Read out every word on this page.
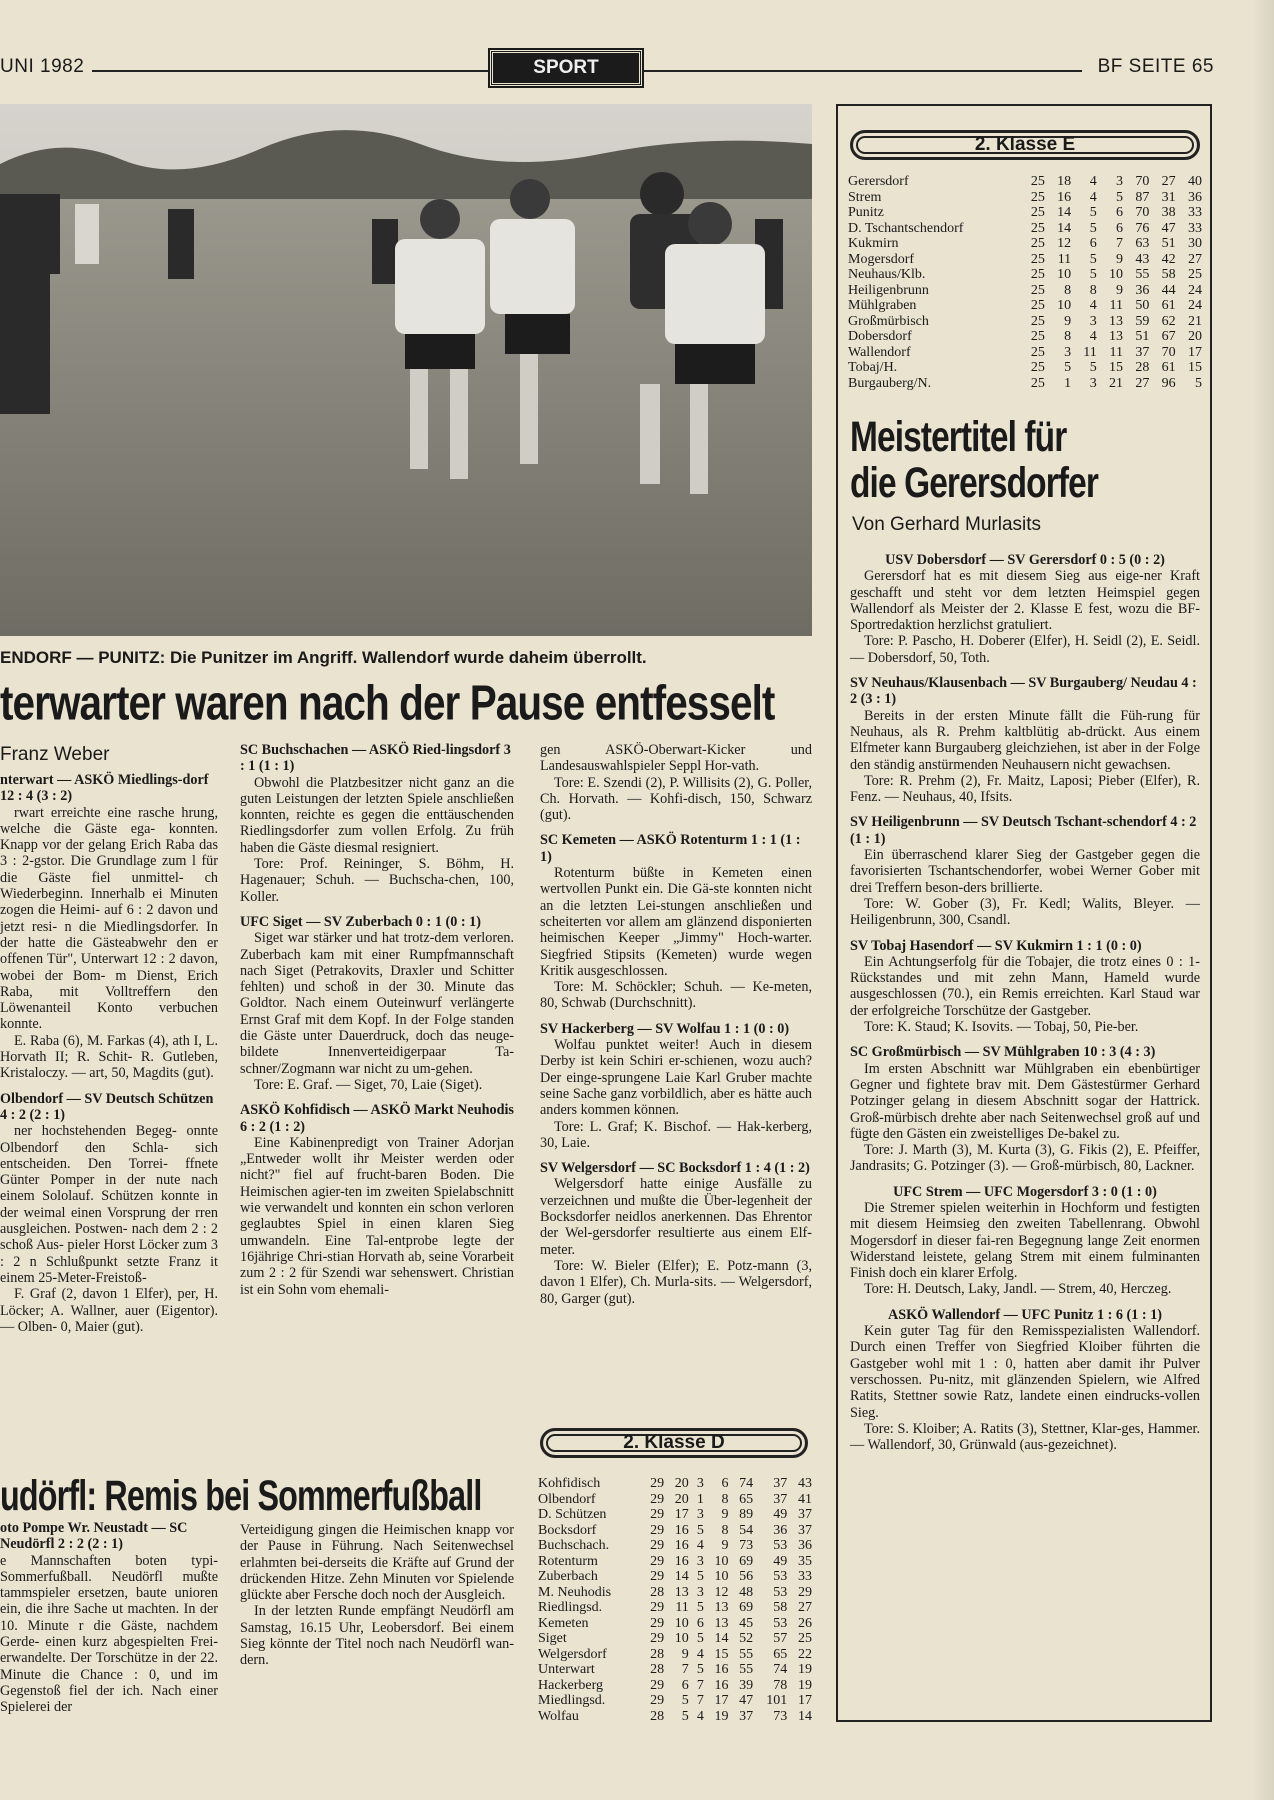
UNI 1982	SPORT	BF SEITE 65
ENDORF — PUNITZ: Die Punitzer im Angriff. Wallendorf wurde daheim überrollt.
terwarter waren nach der Pause entfesselt
Franz Weber

nterwart — ASKÖ Miedlings-dorf 12 : 4 (3 : 2)

rwart erreichte eine rasche hrung, welche die Gäste ega- konnten. Knapp vor der gelang Erich Raba das 3 : 2-gstor. Die Grundlage zum l für die Gäste fiel unmittel- ch Wiederbeginn. Innerhalb ei Minuten zogen die Heimi- auf 6 : 2 davon und jetzt resi- n die Miedlingsdorfer. In der hatte die Gästeabwehr den er offenen Tür", Unterwart 12 : 2 davon, wobei der Bom- m Dienst, Erich Raba, mit Volltreffern den Löwenanteil Konto verbuchen konnte.

E. Raba (6), M. Farkas (4), ath I, L. Horvath II; R. Schit- R. Gutleben, Kristaloczy. — art, 50, Magdits (gut).

Olbendorf — SV Deutsch Schützen 4 : 2 (2 : 1)

ner hochstehenden Begeg- onnte Olbendorf den Schla- sich entscheiden. Den Torrei- ffnete Günter Pomper in der nute nach einem Sololauf. Schützen konnte in der weimal einen Vorsprung der rren ausgleichen. Postwen- nach dem 2 : 2 schoß Aus- pieler Horst Löcker zum 3 : 2 n Schlußpunkt setzte Franz it einem 25-Meter-Freistoß-

F. Graf (2, davon 1 Elfer), per, H. Löcker; A. Wallner, auer (Eigentor). — Olben- 0, Maier (gut).

SC Buchschachen — ASKÖ Ried-lingsdorf 3 : 1 (1 : 1)

Obwohl die Platzbesitzer nicht ganz an die guten Leistungen der letzten Spiele anschließen konnten, reichte es gegen die enttäuschenden Riedlingsdorfer zum vollen Erfolg. Zu früh haben die Gäste diesmal resigniert.

Tore: Prof. Reininger, S. Böhm, H. Hagenauer; Schuh. — Buchscha-chen, 100, Koller.

UFC Siget — SV Zuberbach 0 : 1 (0 : 1)

Siget war stärker und hat trotz-dem verloren. Zuberbach kam mit einer Rumpfmannschaft nach Siget (Petrakovits, Draxler und Schitter fehlten) und schoß in der 30. Minute das Goldtor. Nach einem Outeinwurf verlängerte Ernst Graf mit dem Kopf. In der Folge standen die Gäste unter Dauerdruck, doch das neuge-bildete Innenverteidigerpaar Ta-schner/Zogmann war nicht zu um-gehen.

Tore: E. Graf. — Siget, 70, Laie (Siget).

ASKÖ Kohfidisch — ASKÖ Markt Neuhodis 6 : 2 (1 : 2)

Eine Kabinenpredigt von Trainer Adorjan „Entweder wollt ihr Meister werden oder nicht?" fiel auf frucht-baren Boden. Die Heimischen agier-ten im zweiten Spielabschnitt wie verwandelt und konnten ein schon verloren geglaubtes Spiel in einen klaren Sieg umwandeln. Eine Tal-entprobe legte der 16jährige Chri-stian Horvath ab, seine Vorarbeit zum 2 : 2 für Szendi war sehenswert. Christian ist ein Sohn vom ehemali-

gen ASKÖ-Oberwart-Kicker und Landesauswahlspieler Seppl Hor-vath.

Tore: E. Szendi (2), P. Willisits (2), G. Poller, Ch. Horvath. — Kohfi-disch, 150, Schwarz (gut).

SC Kemeten — ASKÖ Rotenturm 1 : 1 (1 : 1)

Rotenturm büßte in Kemeten einen wertvollen Punkt ein. Die Gä-ste konnten nicht an die letzten Lei-stungen anschließen und scheiterten vor allem am glänzend disponierten heimischen Keeper „Jimmy" Hoch-warter. Siegfried Stipsits (Kemeten) wurde wegen Kritik ausgeschlossen.

Tore: M. Schöckler; Schuh. — Ke-meten, 80, Schwab (Durchschnitt).

SV Hackerberg — SV Wolfau 1 : 1 (0 : 0)

Wolfau punktet weiter! Auch in diesem Derby ist kein Schiri er-schienen, wozu auch? Der einge-sprungene Laie Karl Gruber machte seine Sache ganz vorbildlich, aber es hätte auch anders kommen können.

Tore: L. Graf; K. Bischof. — Hak-kerberg, 30, Laie.

SV Welgersdorf — SC Bocksdorf 1 : 4 (1 : 2)

Welgersdorf hatte einige Ausfälle zu verzeichnen und mußte die Über-legenheit der Bocksdorfer neidlos anerkennen. Das Ehrentor der Wel-gersdorfer resultierte aus einem Elf-meter.

Tore: W. Bieler (Elfer); E. Potz-mann (3, davon 1 Elfer), Ch. Murla-sits. — Welgersdorf, 80, Garger (gut).

2. Klasse D
Kohfidisch	29	20	3	6	74	37	43
Olbendorf	29	20	1	8	65	37	41
D. Schützen	29	17	3	9	89	49	37
Bocksdorf	29	16	5	8	54	36	37
Buchschach.	29	16	4	9	73	53	36
Rotenturm	29	16	3	10	69	49	35
Zuberbach	29	14	5	10	56	53	33
M. Neuhodis	28	13	3	12	48	53	29
Riedlingsd.	29	11	5	13	69	58	27
Kemeten	29	10	6	13	45	53	26
Siget	29	10	5	14	52	57	25
Welgersdorf	28	9	4	15	55	65	22
Unterwart	28	7	5	16	55	74	19
Hackerberg	29	6	7	16	39	78	19
Miedlingsd.	29	5	7	17	47	101	17
Wolfau	28	5	4	19	37	73	14
udörfl: Remis bei Sommerfußball

oto Pompe Wr. Neustadt — SC Neudörfl 2 : 2 (2 : 1)

e Mannschaften boten typi- Sommerfußball. Neudörfl mußte tammspieler ersetzen, baute unioren ein, die ihre Sache ut machten. In der 10. Minute r die Gäste, nachdem Gerde- einen kurz abgespielten Frei- erwandelte. Der Torschütze in der 22. Minute die Chance : 0, und im Gegenstoß fiel der ich. Nach einer Spielerei der

Verteidigung gingen die Heimischen knapp vor der Pause in Führung. Nach Seitenwechsel erlahmten bei-derseits die Kräfte auf Grund der drückenden Hitze. Zehn Minuten vor Spielende glückte aber Fersche doch noch der Ausgleich.

In der letzten Runde empfängt Neudörfl am Samstag, 16.15 Uhr, Leobersdorf. Bei einem Sieg könnte der Titel noch nach Neudörfl wan-dern.

2. Klasse E
Gerersdorf	25	18	4	3	70	27	40
Strem	25	16	4	5	87	31	36
Punitz	25	14	5	6	70	38	33
D. Tschantschendorf	25	14	5	6	76	47	33
Kukmirn	25	12	6	7	63	51	30
Mogersdorf	25	11	5	9	43	42	27
Neuhaus/Klb.	25	10	5	10	55	58	25
Heiligenbrunn	25	8	8	9	36	44	24
Mühlgraben	25	10	4	11	50	61	24
Großmürbisch	25	9	3	13	59	62	21
Dobersdorf	25	8	4	13	51	67	20
Wallendorf	25	3	11	11	37	70	17
Tobaj/H.	25	5	5	15	28	61	15
Burgauberg/N.	25	1	3	21	27	96	5
Meistertitel für
die Gerersdorfer
Von Gerhard Murlasits

USV Dobersdorf — SV Gerersdorf 0 : 5 (0 : 2)

Gerersdorf hat es mit diesem Sieg aus eige-ner Kraft geschafft und steht vor dem letzten Heimspiel gegen Wallendorf als Meister der 2. Klasse E fest, wozu die BF-Sportredaktion herzlichst gratuliert.

Tore: P. Pascho, H. Doberer (Elfer), H. Seidl (2), E. Seidl. — Dobersdorf, 50, Toth.

SV Neuhaus/Klausenbach — SV Burgauberg/ Neudau 4 : 2 (3 : 1)

Bereits in der ersten Minute fällt die Füh-rung für Neuhaus, als R. Prehm kaltblütig ab-drückt. Aus einem Elfmeter kann Burgauberg gleichziehen, ist aber in der Folge den ständig anstürmenden Neuhausern nicht gewachsen.

Tore: R. Prehm (2), Fr. Maitz, Laposi; Pieber (Elfer), R. Fenz. — Neuhaus, 40, Ifsits.

SV Heiligenbrunn — SV Deutsch Tschant-schendorf 4 : 2 (1 : 1)

Ein überraschend klarer Sieg der Gastgeber gegen die favorisierten Tschantschendorfer, wobei Werner Gober mit drei Treffern beson-ders brillierte.

Tore: W. Gober (3), Fr. Kedl; Walits, Bleyer. — Heiligenbrunn, 300, Csandl.

SV Tobaj Hasendorf — SV Kukmirn 1 : 1 (0 : 0)

Ein Achtungserfolg für die Tobajer, die trotz eines 0 : 1-Rückstandes und mit zehn Mann, Hameld wurde ausgeschlossen (70.), ein Remis erreichten. Karl Staud war der erfolgreiche Torschütze der Gastgeber.

Tore: K. Staud; K. Isovits. — Tobaj, 50, Pie-ber.

SC Großmürbisch — SV Mühlgraben 10 : 3 (4 : 3)

Im ersten Abschnitt war Mühlgraben ein ebenbürtiger Gegner und fightete brav mit. Dem Gästestürmer Gerhard Potzinger gelang in diesem Abschnitt sogar der Hattrick. Groß-mürbisch drehte aber nach Seitenwechsel groß auf und fügte den Gästen ein zweistelliges De-bakel zu.

Tore: J. Marth (3), M. Kurta (3), G. Fikis (2), E. Pfeiffer, Jandrasits; G. Potzinger (3). — Groß-mürbisch, 80, Lackner.

UFC Strem — UFC Mogersdorf 3 : 0 (1 : 0)

Die Stremer spielen weiterhin in Hochform und festigten mit diesem Heimsieg den zweiten Tabellenrang. Obwohl Mogersdorf in dieser fai-ren Begegnung lange Zeit enormen Widerstand leistete, gelang Strem mit einem fulminanten Finish doch ein klarer Erfolg.

Tore: H. Deutsch, Laky, Jandl. — Strem, 40, Herczeg.

ASKÖ Wallendorf — UFC Punitz 1 : 6 (1 : 1)

Kein guter Tag für den Remisspezialisten Wallendorf. Durch einen Treffer von Siegfried Kloiber führten die Gastgeber wohl mit 1 : 0, hatten aber damit ihr Pulver verschossen. Pu-nitz, mit glänzenden Spielern, wie Alfred Ratits, Stettner sowie Ratz, landete einen eindrucks-vollen Sieg.

Tore: S. Kloiber; A. Ratits (3), Stettner, Klar-ges, Hammer. — Wallendorf, 30, Grünwald (aus-gezeichnet).
